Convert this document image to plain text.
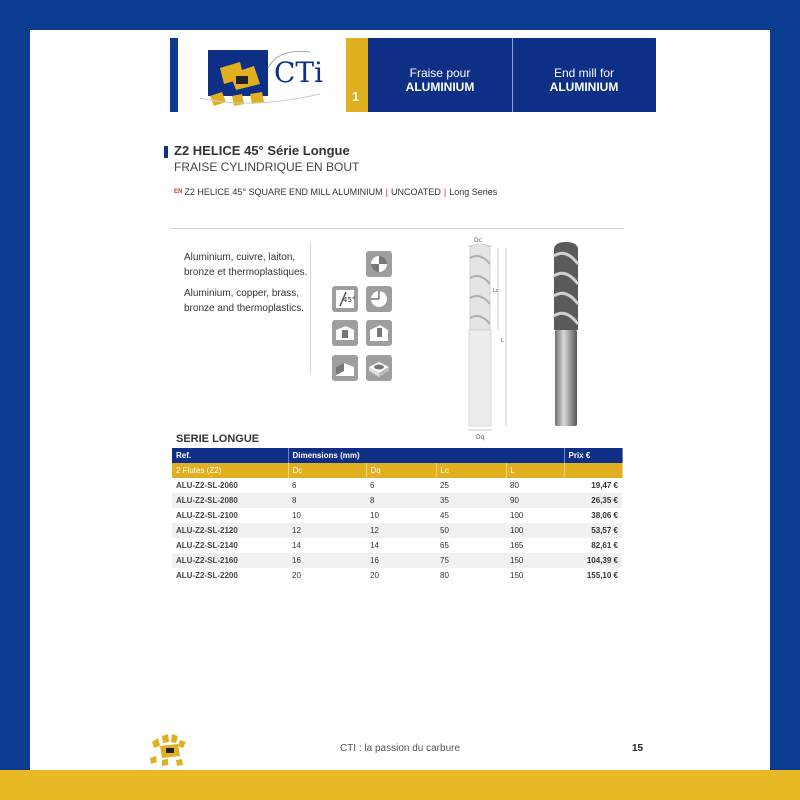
CTi
1
Fraise pour
ALUMINIUM
End mill for
ALUMINIUM
Z2 HELICE 45° Série Longue
FRAISE CYLINDRIQUE EN BOUT
$^{EN}$ Z2 HELICE 45° SQUARE END MILL ALUMINIUM | UNCOATED | Long Series

Aluminium, cuivre, laiton, bronze et thermoplastiques.

Aluminium, copper, brass, bronze and thermoplastics.

45°
Dc
Lc
L
Dq
SERIE LONGUE
Ref.	Dimensions (mm)				Prix €
2 Flutes (Z2)	Dc	Dq	Lc	L	
ALU-Z2-SL-2060	6	6	25	80	19,47 €
ALU-Z2-SL-2080	8	8	35	90	26,35 €
ALU-Z2-SL-2100	10	10	45	100	38,06 €
ALU-Z2-SL-2120	12	12	50	100	53,57 €
ALU-Z2-SL-2140	14	14	65	165	82,61 €
ALU-Z2-SL-2160	16	16	75	150	104,39 €
ALU-Z2-SL-2200	20	20	80	150	155,10 €
CTI : la passion du carbure	15
